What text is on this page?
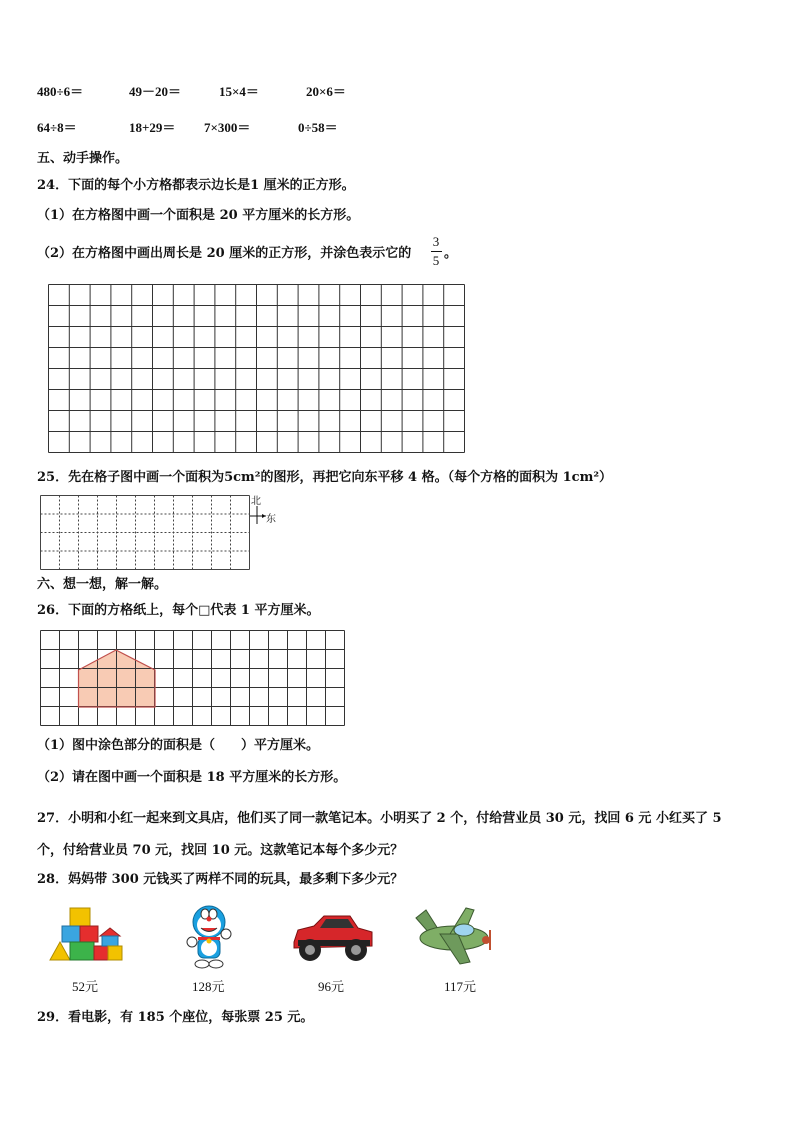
480÷6＝	49－20＝	15×4＝	20×6＝
64÷8＝	18+29＝ 7×300＝	0÷58＝
五、动手操作。
24．下面的每个小方格都表示边长是1 厘米的正方形。
（1）在方格图中画一个面积是 20 平方厘米的长方形。
（2）在方格图中画出周长是 20 厘米的正方形，并涂色表示它的
3
5 。
25．先在格子图中画一个面积为5cm²的图形，再把它向东平移 4 格。（每个方格的面积为 1cm²）
北
东
六、想一想，解一解。
26．下面的方格纸上，每个□代表 1 平方厘米。
（1）图中涂色部分的面积是（　　）平方厘米。
（2）请在图中画一个面积是 18 平方厘米的长方形。
27．小明和小红一起来到文具店，他们买了同一款笔记本。小明买了 2 个，付给营业员 30 元，找回 6 元 小红买了 5
个，付给营业员 70 元，找回 10 元。这款笔记本每个多少元？
28．妈妈带 300 元钱买了两样不同的玩具，最多剩下多少元？
52元	128元	96元	117元
29．看电影，有 185 个座位，每张票 25 元。
